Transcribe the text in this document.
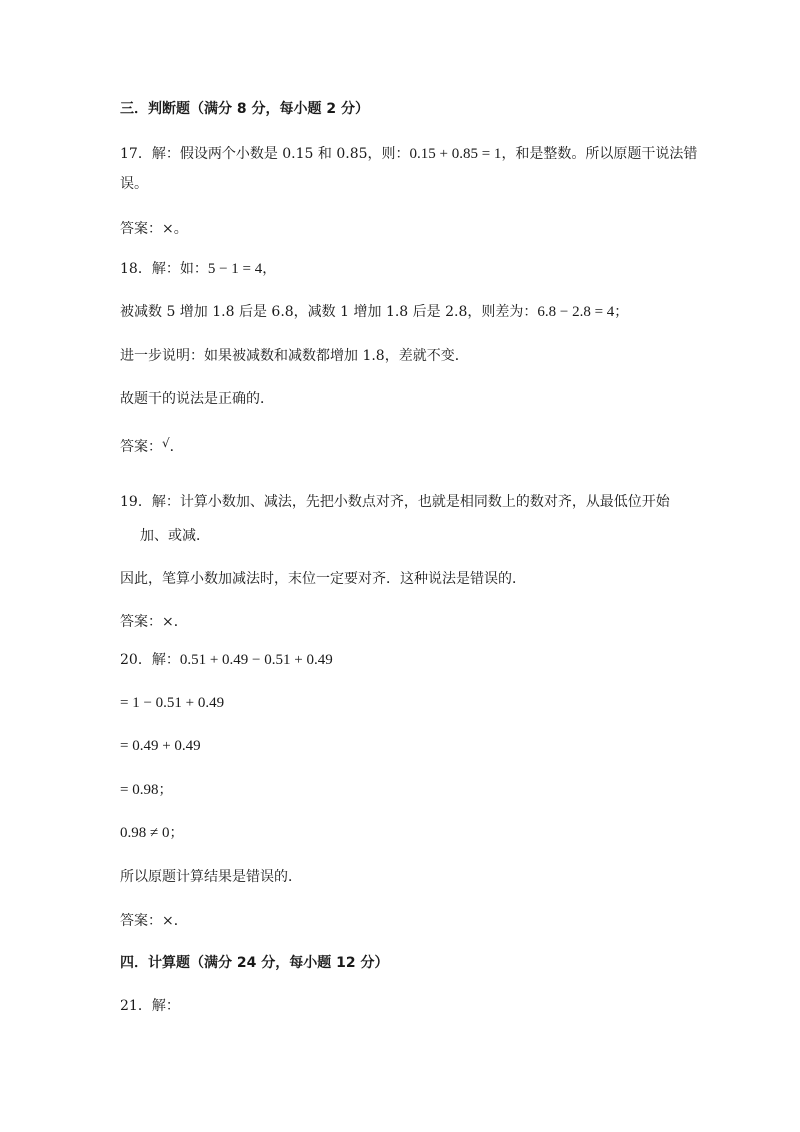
三．判断题（满分 8 分，每小题 2 分）
17．解：假设两个小数是 0.15 和 0.85，则：0.15 + 0.85 = 1，和是整数。所以原题干说法错
误。
答案：×。
18．解：如：5 − 1 = 4，
被减数 5 增加 1.8 后是 6.8，减数 1 增加 1.8 后是 2.8，则差为：6.8 − 2.8 = 4；
进一步说明：如果被减数和减数都增加 1.8，差就不变．
故题干的说法是正确的．
答案：√．
19．解：计算小数加、减法，先把小数点对齐，也就是相同数上的数对齐，从最低位开始
加、或减．
因此，笔算小数加减法时，末位一定要对齐．这种说法是错误的．
答案：×．
20．解：0.51 + 0.49 − 0.51 + 0.49
= 1 − 0.51 + 0.49
= 0.49 + 0.49
= 0.98；
0.98 ≠ 0；
所以原题计算结果是错误的．
答案：×．
四．计算题（满分 24 分，每小题 12 分）
21．解：
